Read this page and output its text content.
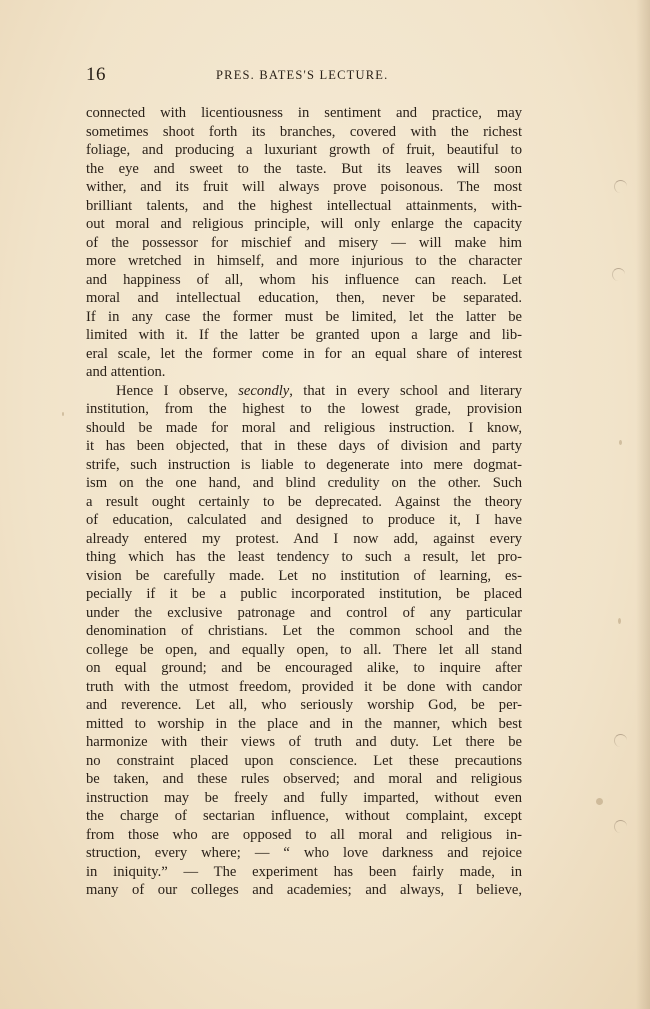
16	PRES. BATES'S LECTURE.
connected with licentiousness in sentiment and practice, may
sometimes shoot forth its branches, covered with the richest
foliage, and producing a luxuriant growth of fruit, beautiful to
the eye and sweet to the taste. But its leaves will soon
wither, and its fruit will always prove poisonous. The most
brilliant talents, and the highest intellectual attainments, with-
out moral and religious principle, will only enlarge the capacity
of the possessor for mischief and misery — will make him
more wretched in himself, and more injurious to the character
and happiness of all, whom his influence can reach. Let
moral and intellectual education, then, never be separated.
If in any case the former must be limited, let the latter be
limited with it. If the latter be granted upon a large and lib-
eral scale, let the former come in for an equal share of interest
and attention.
Hence I observe, secondly, that in every school and literary
institution, from the highest to the lowest grade, provision
should be made for moral and religious instruction. I know,
it has been objected, that in these days of division and party
strife, such instruction is liable to degenerate into mere dogmat-
ism on the one hand, and blind credulity on the other. Such
a result ought certainly to be deprecated. Against the theory
of education, calculated and designed to produce it, I have
already entered my protest. And I now add, against every
thing which has the least tendency to such a result, let pro-
vision be carefully made. Let no institution of learning, es-
pecially if it be a public incorporated institution, be placed
under the exclusive patronage and control of any particular
denomination of christians. Let the common school and the
college be open, and equally open, to all. There let all stand
on equal ground; and be encouraged alike, to inquire after
truth with the utmost freedom, provided it be done with candor
and reverence. Let all, who seriously worship God, be per-
mitted to worship in the place and in the manner, which best
harmonize with their views of truth and duty. Let there be
no constraint placed upon conscience. Let these precautions
be taken, and these rules observed; and moral and religious
instruction may be freely and fully imparted, without even
the charge of sectarian influence, without complaint, except
from those who are opposed to all moral and religious in-
struction, every where; — “ who love darkness and rejoice
in iniquity.” — The experiment has been fairly made, in
many of our colleges and academies; and always, I believe,
